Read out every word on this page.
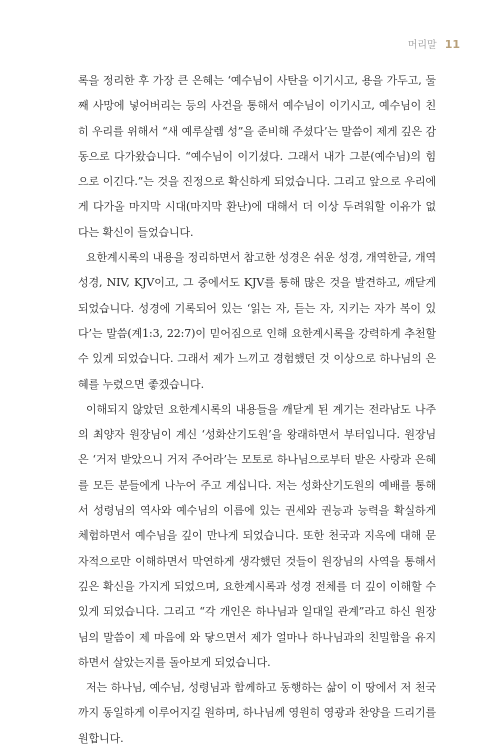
머리말 11

록을 정리한 후 가장 큰 은혜는 ‘예수님이 사탄을 이기시고, 용을 가두고, 둘째 사망에 넣어버리는 등의 사건을 통해서 예수님이 이기시고, 예수님이 친히 우리를 위해서 “새 예루살렘 성”을 준비해 주셨다’는 말씀이 제게 깊은 감동으로 다가왔습니다. “예수님이 이기셨다. 그래서 내가 그분(예수님)의 힘으로 이긴다.”는 것을 진정으로 확신하게 되었습니다. 그리고 앞으로 우리에게 다가올 마지막 시대(마지막 환난)에 대해서 더 이상 두려워할 이유가 없다는 확신이 들었습니다.

요한계시록의 내용을 정리하면서 참고한 성경은 쉬운 성경, 개역한글, 개역성경, NIV, KJV이고, 그 중에서도 KJV를 통해 많은 것을 발견하고, 깨닫게 되었습니다. 성경에 기록되어 있는 ‘읽는 자, 듣는 자, 지키는 자가 복이 있다’는 말씀(계1:3, 22:7)이 믿어짐으로 인해 요한계시록을 강력하게 추천할 수 있게 되었습니다. 그래서 제가 느끼고 경험했던 것 이상으로 하나님의 은혜를 누렸으면 좋겠습니다.

이해되지 않았던 요한계시록의 내용들을 깨닫게 된 계기는 전라남도 나주의 최양자 원장님이 계신 ‘성화산기도원’을 왕래하면서 부터입니다. 원장님은 ‘거저 받았으니 거저 주어라’는 모토로 하나님으로부터 받은 사랑과 은혜를 모든 분들에게 나누어 주고 계십니다. 저는 성화산기도원의 예배를 통해서 성령님의 역사와 예수님의 이름에 있는 권세와 권능과 능력을 확실하게 체험하면서 예수님을 깊이 만나게 되었습니다. 또한 천국과 지옥에 대해 문자적으로만 이해하면서 막연하게 생각했던 것들이 원장님의 사역을 통해서 깊은 확신을 가지게 되었으며, 요한계시록과 성경 전체를 더 깊이 이해할 수 있게 되었습니다. 그리고 “각 개인은 하나님과 일대일 관계”라고 하신 원장님의 말씀이 제 마음에 와 닿으면서 제가 얼마나 하나님과의 친밀함을 유지하면서 살았는지를 돌아보게 되었습니다.

저는 하나님, 예수님, 성령님과 함께하고 동행하는 삶이 이 땅에서 저 천국까지 동일하게 이루어지길 원하며, 하나님께 영원히 영광과 찬양을 드리기를 원합니다.
